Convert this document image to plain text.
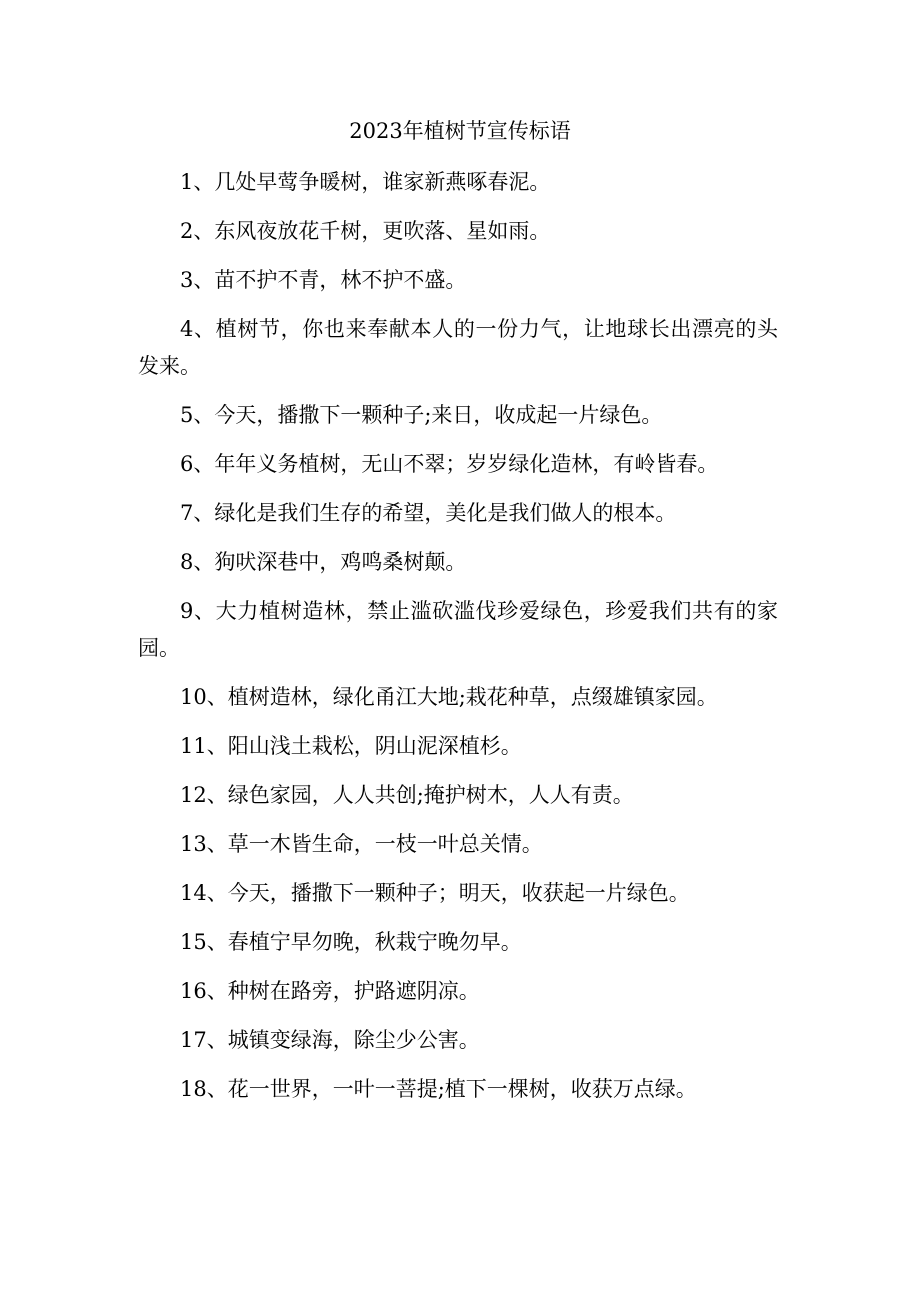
2023年植树节宣传标语
1、几处早莺争暖树，谁家新燕啄春泥。
2、东风夜放花千树，更吹落、星如雨。
3、苗不护不青，林不护不盛。
4、植树节，你也来奉献本人的一份力气，让地球长出漂亮的头发来。
5、今天，播撒下一颗种子;来日，收成起一片绿色。
6、年年义务植树，无山不翠；岁岁绿化造林，有岭皆春。
7、绿化是我们生存的希望，美化是我们做人的根本。
8、狗吠深巷中，鸡鸣桑树颠。
9、大力植树造林，禁止滥砍滥伐珍爱绿色，珍爱我们共有的家园。
10、植树造林，绿化甬江大地;栽花种草，点缀雄镇家园。
11、阳山浅土栽松，阴山泥深植杉。
12、绿色家园，人人共创;掩护树木，人人有责。
13、草一木皆生命，一枝一叶总关情。
14、今天，播撒下一颗种子；明天，收获起一片绿色。
15、春植宁早勿晚，秋栽宁晚勿早。
16、种树在路旁，护路遮阴凉。
17、城镇变绿海，除尘少公害。
18、花一世界，一叶一菩提;植下一棵树，收获万点绿。
